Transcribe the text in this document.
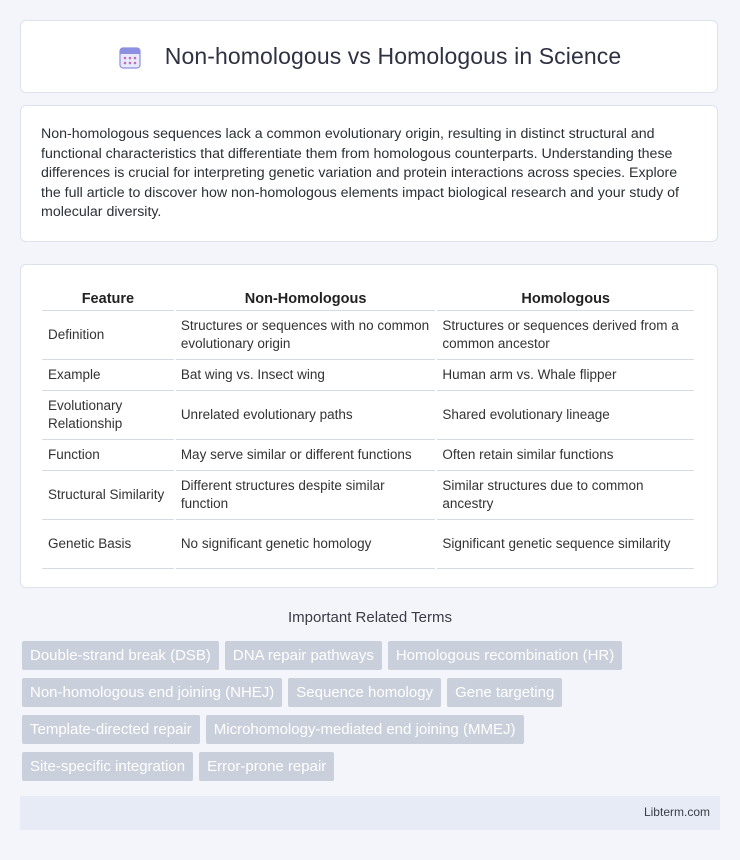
Non-homologous vs Homologous in Science

Non-homologous sequences lack a common evolutionary origin, resulting in distinct structural and functional characteristics that differentiate them from homologous counterparts. Understanding these differences is crucial for interpreting genetic variation and protein interactions across species. Explore the full article to discover how non-homologous elements impact biological research and your study of molecular diversity.

Feature	Non-Homologous	Homologous
Definition	Structures or sequences with no common evolutionary origin	Structures or sequences derived from a common ancestor
Example	Bat wing vs. Insect wing	Human arm vs. Whale flipper
Evolutionary Relationship	Unrelated evolutionary paths	Shared evolutionary lineage
Function	May serve similar or different functions	Often retain similar functions
Structural Similarity	Different structures despite similar function	Similar structures due to common ancestry
Genetic Basis	No significant genetic homology	Significant genetic sequence similarity
Important Related Terms
Double-strand break (DSB)	DNA repair pathways	Homologous recombination (HR)
Non-homologous end joining (NHEJ)	Sequence homology	Gene targeting
Template-directed repair	Microhomology-mediated end joining (MMEJ)
Site-specific integration	Error-prone repair
Libterm.com
